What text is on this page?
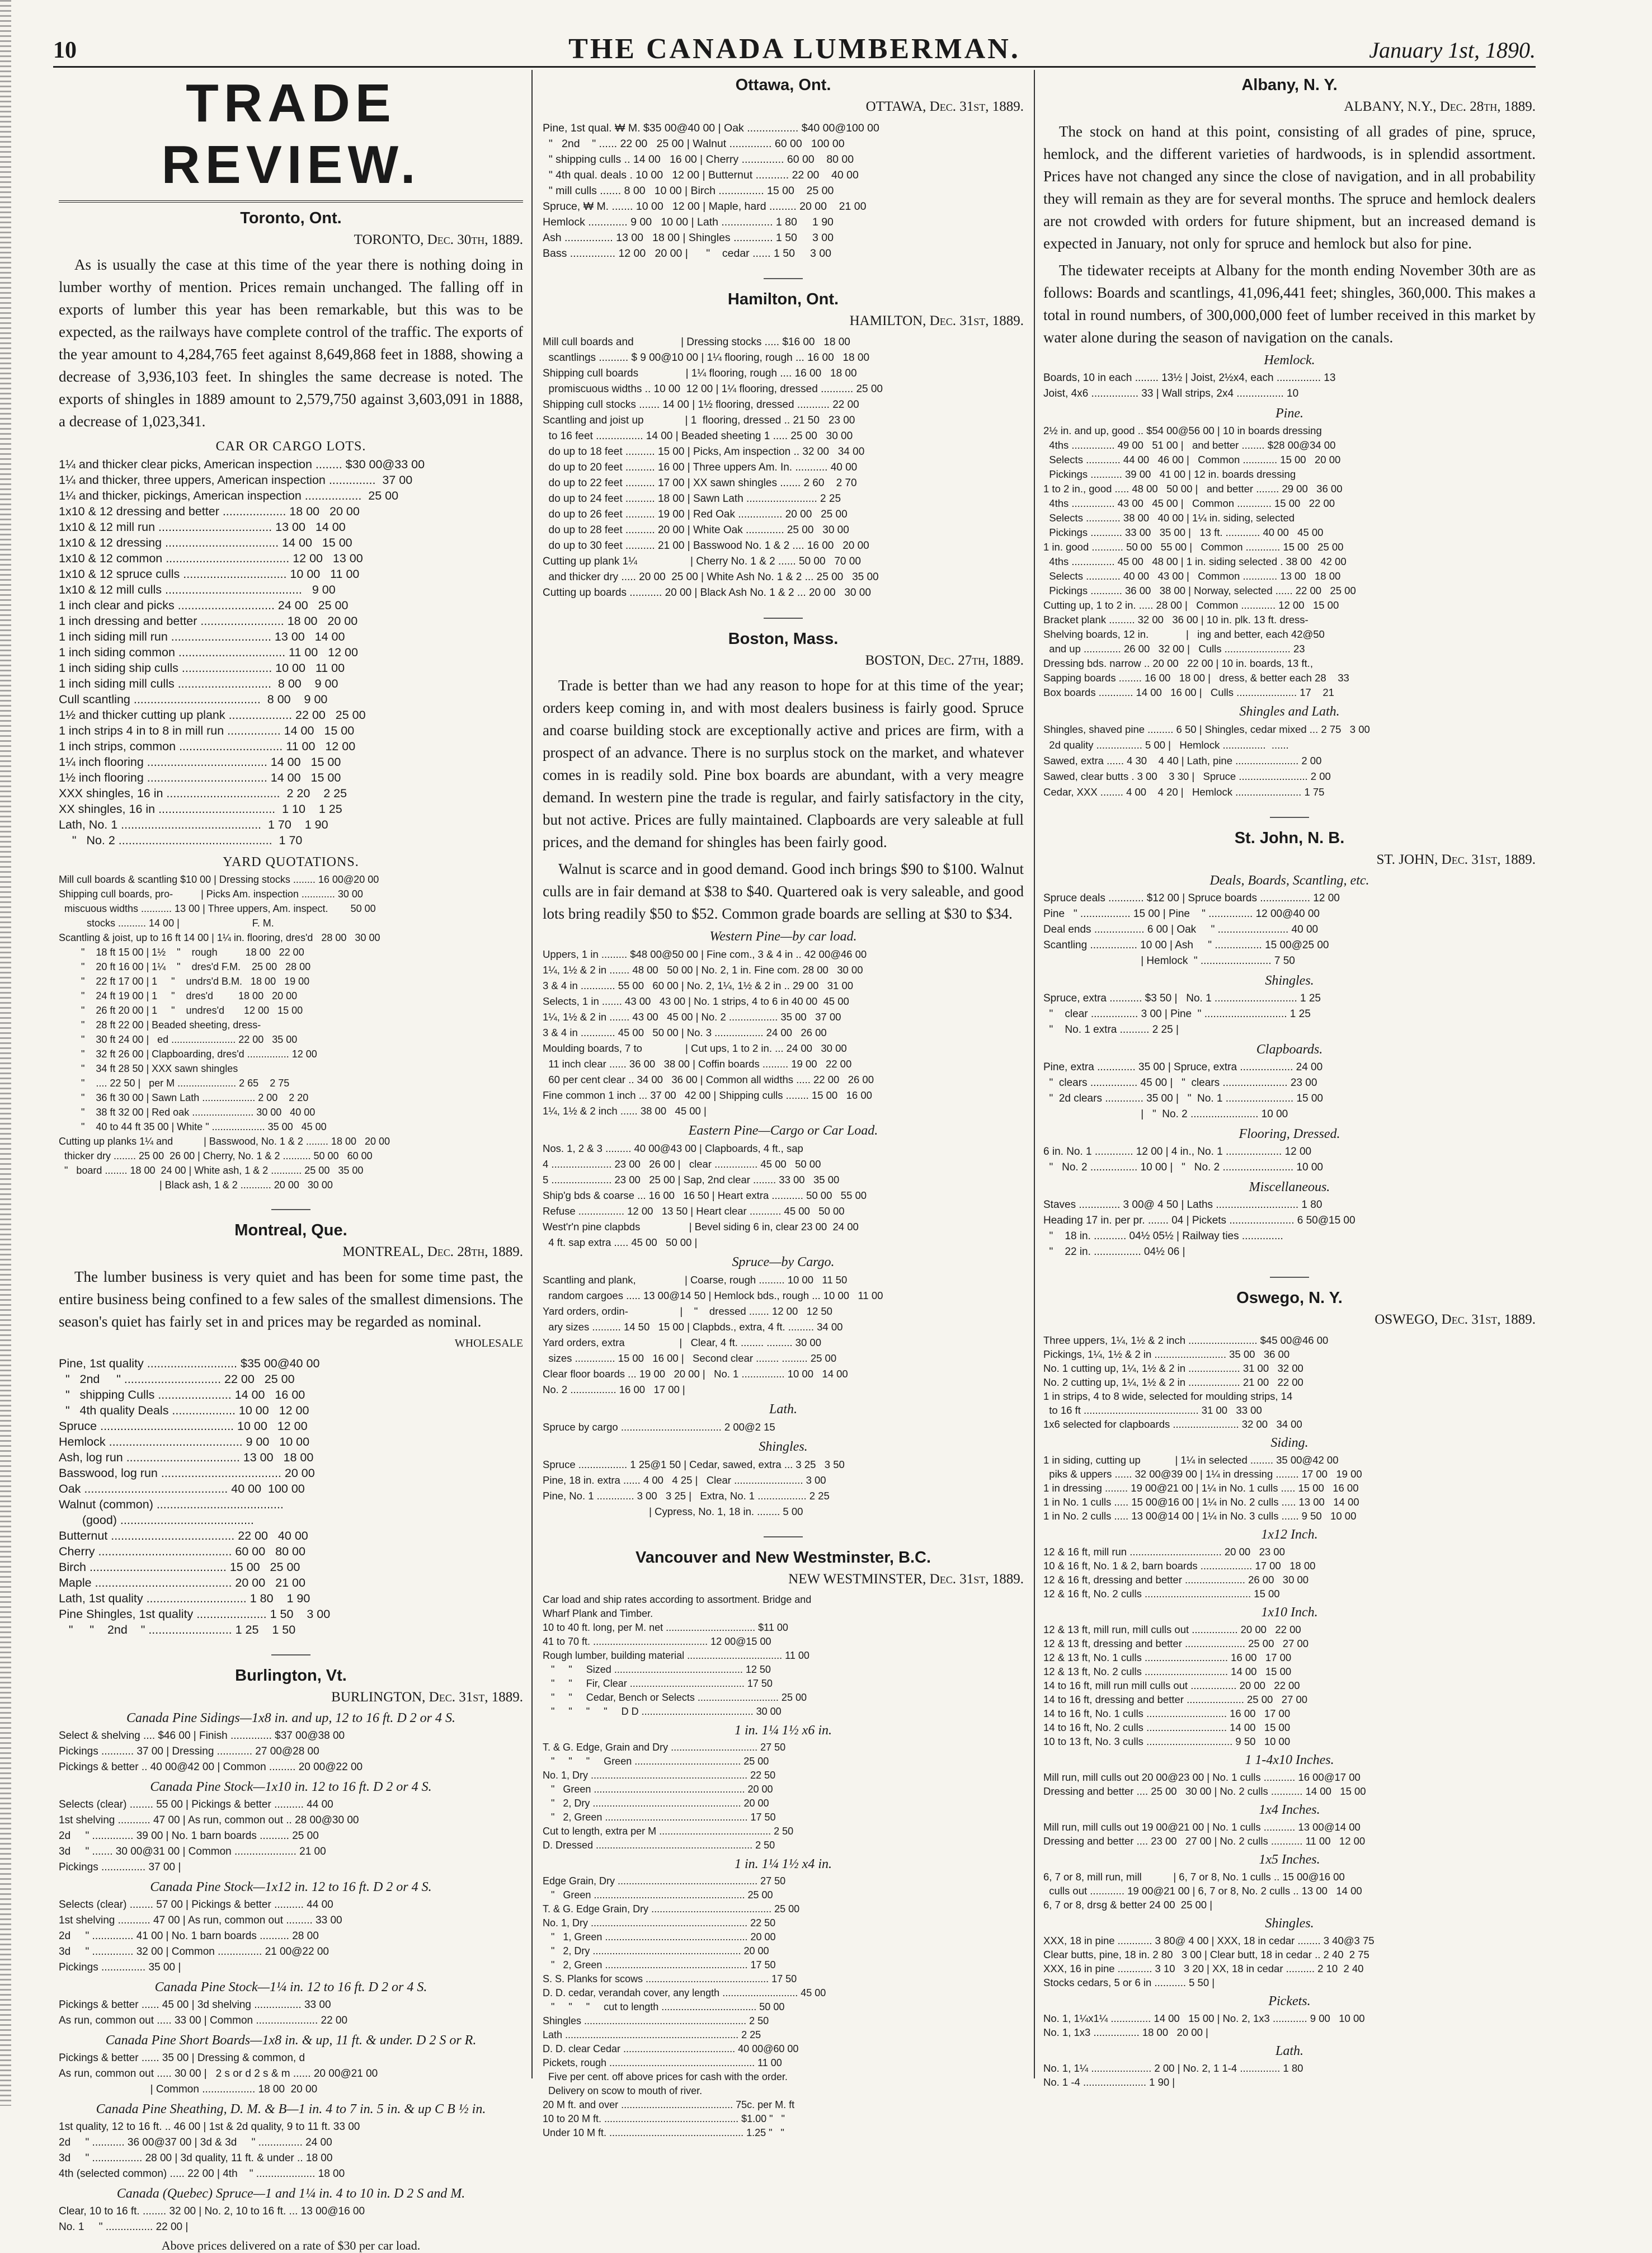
10	THE CANADA LUMBERMAN.	January 1st, 1890.
TRADE REVIEW.
Toronto, Ont.
TORONTO, Dec. 30th, 1889.

As is usually the case at this time of the year there is nothing doing in lumber worthy of mention. Prices remain unchanged. The falling off in exports of lumber this year has been remarkable, but this was to be expected, as the railways have complete control of the traffic. The exports of the year amount to 4,284,765 feet against 8,649,868 feet in 1888, showing a decrease of 3,936,103 feet. In shingles the same decrease is noted. The exports of shingles in 1889 amount to 2,579,750 against 3,603,091 in 1888, a decrease of 1,023,341.

CAR OR CARGO LOTS.
1¼ and thicker clear picks, American inspection ........ $30 00@33 00
1¼ and thicker, three uppers, American inspection ..............  37 00
1¼ and thicker, pickings, American inspection .................  25 00
1x10 & 12 dressing and better ................... 18 00   20 00
1x10 & 12 mill run .................................. 13 00   14 00
1x10 & 12 dressing .................................. 14 00   15 00
1x10 & 12 common ..................................... 12 00   13 00
1x10 & 12 spruce culls ............................... 10 00   11 00
1x10 & 12 mill culls .........................................   9 00
1 inch clear and picks ............................. 24 00   25 00
1 inch dressing and better ......................... 18 00   20 00
1 inch siding mill run .............................. 13 00   14 00
1 inch siding common ................................ 11 00   12 00
1 inch siding ship culls ........................... 10 00   11 00
1 inch siding mill culls ............................  8 00    9 00
Cull scantling ......................................  8 00    9 00
1½ and thicker cutting up plank ................... 22 00   25 00
1 inch strips 4 in to 8 in mill run ................ 14 00   15 00
1 inch strips, common ............................... 11 00   12 00
1¼ inch flooring .................................... 14 00   15 00
1½ inch flooring .................................... 14 00   15 00
XXX shingles, 16 in ..................................  2 20    2 25
XX shingles, 16 in ...................................  1 10    1 25
Lath, No. 1 ..........................................  1 70    1 90
"   No. 2 ..............................................  1 70
YARD QUOTATIONS.
Mill cull boards & scantling $10 00 | Dressing stocks ........ 16 00@20 00
Shipping cull boards, pro-          | Picks Am. inspection ............ 30 00
miscuous widths ........... 13 00 | Three uppers, Am. inspect.        50 00
stocks .......... 14 00 |                          F. M.
Scantling & joist, up to 16 ft 14 00 | 1¼ in. flooring, dres'd   28 00   30 00
"    18 ft 15 00 | 1½    "    rough          18 00   22 00
"    20 ft 16 00 | 1¼    "    dres'd F.M.    25 00   28 00
"    22 ft 17 00 | 1     "    undrs'd B.M.   18 00   19 00
"    24 ft 19 00 | 1     "    dres'd         18 00   20 00
"    26 ft 20 00 | 1     "    undres'd       12 00   15 00
"    28 ft 22 00 | Beaded sheeting, dress-
"    30 ft 24 00 |   ed ....................... 22 00   35 00
"    32 ft 26 00 | Clapboarding, dres'd ............... 12 00
"    34 ft 28 50 | XXX sawn shingles
"    .... 22 50 |   per M ..................... 2 65    2 75
"    36 ft 30 00 | Sawn Lath ................... 2 00    2 20
"    38 ft 32 00 | Red oak ...................... 30 00   40 00
"    40 to 44 ft 35 00 | White " ................... 35 00   45 00
Cutting up planks 1¼ and           | Basswood, No. 1 & 2 ........ 18 00   20 00
thicker dry ........ 25 00  26 00 | Cherry, No. 1 & 2 .......... 50 00   60 00
"   board ........ 18 00  24 00 | White ash, 1 & 2 ........... 25 00   35 00
| Black ash, 1 & 2 ........... 20 00   30 00
Montreal, Que.
MONTREAL, Dec. 28th, 1889.

The lumber business is very quiet and has been for some time past, the entire business being confined to a few sales of the smallest dimensions. The season's quiet has fairly set in and prices may be regarded as nominal.

WHOLESALE
Pine, 1st quality ........................... $35 00@40 00
"   2nd     " ............................. 22 00   25 00
"   shipping Culls ...................... 14 00   16 00
"   4th quality Deals ................... 10 00   12 00
Spruce ........................................ 10 00   12 00
Hemlock ........................................ 9 00   10 00
Ash, log run .................................. 13 00   18 00
Basswood, log run .................................... 20 00
Oak ........................................... 40 00  100 00
Walnut (common) ......................................
(good) ........................................
Butternut ..................................... 22 00   40 00
Cherry ........................................ 60 00   80 00
Birch ......................................... 15 00   25 00
Maple ......................................... 20 00   21 00
Lath, 1st quality .............................. 1 80    1 90
Pine Shingles, 1st quality ..................... 1 50    3 00
"     "    2nd    " ......................... 1 25    1 50
Burlington, Vt.
BURLINGTON, Dec. 31st, 1889.
Canada Pine Sidings—1x8 in. and up, 12 to 16 ft. D 2 or 4 S.
Select & shelving .... $46 00 | Finish .............. $37 00@38 00
Pickings ........... 37 00 | Dressing ............ 27 00@28 00
Pickings & better .. 40 00@42 00 | Common ......... 20 00@22 00
Canada Pine Stock—1x10 in. 12 to 16 ft. D 2 or 4 S.
Selects (clear) ........ 55 00 | Pickings & better .......... 44 00
1st shelving ........... 47 00 | As run, common out .. 28 00@30 00
2d     " .............. 39 00 | No. 1 barn boards .......... 25 00
3d     " ....... 30 00@31 00 | Common ..................... 21 00
Pickings ............... 37 00 |
Canada Pine Stock—1x12 in. 12 to 16 ft. D 2 or 4 S.
Selects (clear) ........ 57 00 | Pickings & better .......... 44 00
1st shelving ........... 47 00 | As run, common out ......... 33 00
2d     " .............. 41 00 | No. 1 barn boards .......... 28 00
3d     " .............. 32 00 | Common ............... 21 00@22 00
Pickings ............... 35 00 |
Canada Pine Stock—1¼ in. 12 to 16 ft. D 2 or 4 S.
Pickings & better ...... 45 00 | 3d shelving ................ 33 00
As run, common out ..... 33 00 | Common ..................... 22 00
Canada Pine Short Boards—1x8 in. & up, 11 ft. & under. D 2 S or R.
Pickings & better ...... 35 00 | Dressing & common, d
As run, common out ..... 30 00 |   2 s or d 2 s & m ...... 20 00@21 00
| Common .................. 18 00  20 00
Canada Pine Sheathing, D. M. & B—1 in. 4 to 7 in. 5 in. & up C B ½ in.
1st quality, 12 to 16 ft. .. 46 00 | 1st & 2d quality, 9 to 11 ft. 33 00
2d     " ........... 36 00@37 00 | 3d & 3d     " ............... 24 00
3d     " ................. 28 00 | 3d quality, 11 ft. & under .. 18 00
4th (selected common) ..... 22 00 | 4th    " .................... 18 00
Canada (Quebec) Spruce—1 and 1¼ in. 4 to 10 in. D 2 S and M.
Clear, 10 to 16 ft. ........ 32 00 | No. 2, 10 to 16 ft. ... 13 00@16 00
No. 1     " ................ 22 00 |
Above prices delivered on a rate of $30 per car load.
Ottawa, Ont.
OTTAWA, Dec. 31st, 1889.
Pine, 1st qual. ₩ M. $35 00@40 00 | Oak ................. $40 00@100 00
"   2nd    " ...... 22 00   25 00 | Walnut .............. 60 00   100 00
" shipping culls .. 14 00   16 00 | Cherry .............. 60 00    80 00
" 4th qual. deals . 10 00   12 00 | Butternut ........... 22 00    40 00
" mill culls ....... 8 00   10 00 | Birch ............... 15 00    25 00
Spruce, ₩ M. ....... 10 00   12 00 | Maple, hard ......... 20 00    21 00
Hemlock ............. 9 00   10 00 | Lath ................. 1 80     1 90
Ash ................ 13 00   18 00 | Shingles ............. 1 50     3 00
Bass ............... 12 00   20 00 |      "    cedar ...... 1 50     3 00
Hamilton, Ont.
HAMILTON, Dec. 31st, 1889.
Mill cull boards and                | Dressing stocks ..... $16 00   18 00
scantlings .......... $ 9 00@10 00 | 1¼ flooring, rough ... 16 00   18 00
Shipping cull boards                | 1¼ flooring, rough .... 16 00   18 00
promiscuous widths .. 10 00  12 00 | 1¼ flooring, dressed ........... 25 00
Shipping cull stocks ....... 14 00 | 1½ flooring, dressed ........... 22 00
Scantling and joist up              | 1  flooring, dressed .. 21 50   23 00
to 16 feet ................ 14 00 | Beaded sheeting 1 ..... 25 00   30 00
do up to 18 feet .......... 15 00 | Picks, Am inspection .. 32 00   34 00
do up to 20 feet .......... 16 00 | Three uppers Am. In. ........... 40 00
do up to 22 feet .......... 17 00 | XX sawn shingles ....... 2 60    2 70
do up to 24 feet .......... 18 00 | Sawn Lath ........................ 2 25
do up to 26 feet .......... 19 00 | Red Oak ............... 20 00   25 00
do up to 28 feet .......... 20 00 | White Oak ............. 25 00   30 00
do up to 30 feet .......... 21 00 | Basswood No. 1 & 2 .... 16 00   20 00
Cutting up plank 1¼                  | Cherry No. 1 & 2 ...... 50 00   70 00
and thicker dry ..... 20 00  25 00 | White Ash No. 1 & 2 ... 25 00   35 00
Cutting up boards ........... 20 00 | Black Ash No. 1 & 2 ... 20 00   30 00
Boston, Mass.
BOSTON, Dec. 27th, 1889.

Trade is better than we had any reason to hope for at this time of the year; orders keep coming in, and with most dealers business is fairly good. Spruce and coarse building stock are exceptionally active and prices are firm, with a prospect of an advance. There is no surplus stock on the market, and whatever comes in is readily sold. Pine box boards are abundant, with a very meagre demand. In western pine the trade is regular, and fairly satisfactory in the city, but not active. Prices are fully maintained. Clapboards are very saleable at full prices, and the demand for shingles has been fairly good.

Walnut is scarce and in good demand. Good inch brings $90 to $100. Walnut culls are in fair demand at $38 to $40. Quartered oak is very saleable, and good lots bring readily $50 to $52. Common grade boards are selling at $30 to $34.

Western Pine—by car load.
Uppers, 1 in ......... $48 00@50 00 | Fine com., 3 & 4 in .. 42 00@46 00
1¼, 1½ & 2 in ....... 48 00   50 00 | No. 2, 1 in. Fine com. 28 00   30 00
3 & 4 in ............ 55 00   60 00 | No. 2, 1¼, 1½ & 2 in .. 29 00   31 00
Selects, 1 in ....... 43 00   43 00 | No. 1 strips, 4 to 6 in 40 00  45 00
1¼, 1½ & 2 in ....... 43 00   45 00 | No. 2 ................. 35 00   37 00
3 & 4 in ............ 45 00   50 00 | No. 3 ................. 24 00   26 00
Moulding boards, 7 to               | Cut ups, 1 to 2 in. ... 24 00   30 00
11 inch clear ...... 36 00   38 00 | Coffin boards ......... 19 00   22 00
60 per cent clear .. 34 00   36 00 | Common all widths ..... 22 00   26 00
Fine common 1 inch ... 37 00   42 00 | Shipping culls ........ 15 00   16 00
1¼, 1½ & 2 inch ...... 38 00   45 00 |
Eastern Pine—Cargo or Car Load.
Nos. 1, 2 & 3 ......... 40 00@43 00 | Clapboards, 4 ft., sap
4 ..................... 23 00   26 00 |   clear ............... 45 00   50 00
5 ..................... 23 00   25 00 | Sap, 2nd clear ........ 33 00   35 00
Ship'g bds & coarse ... 16 00   16 50 | Heart extra ........... 50 00   55 00
Refuse ................ 12 00   13 50 | Heart clear ........... 45 00   50 00
West'r'n pine clapbds                 | Bevel siding 6 in, clear 23 00  24 00
4 ft. sap extra ..... 45 00   50 00 |
Spruce—by Cargo.
Scantling and plank,                 | Coarse, rough ......... 10 00   11 50
random cargoes ..... 13 00@14 50 | Hemlock bds., rough ... 10 00   11 00
Yard orders, ordin-                  |    "    dressed ....... 12 00   12 50
ary sizes .......... 14 50   15 00 | Clapbds., extra, 4 ft. ......... 34 00
Yard orders, extra                   |   Clear, 4 ft. ........ ......... 30 00
sizes .............. 15 00   16 00 |   Second clear ........ ......... 25 00
Clear floor boards ... 19 00   20 00 |   No. 1 ............... 10 00   14 00
No. 2 ................ 16 00   17 00 |
Lath.
Spruce by cargo ................................... 2 00@2 15
Shingles.
Spruce ................. 1 25@1 50 | Cedar, sawed, extra ... 3 25   3 50
Pine, 18 in. extra ...... 4 00   4 25 |   Clear ........................ 3 00
Pine, No. 1 ............. 3 00   3 25 |   Extra, No. 1 ................. 2 25
| Cypress, No. 1, 18 in. ........ 5 00
Vancouver and New Westminster, B.C.
NEW WESTMINSTER, Dec. 31st, 1889.
Car load and ship rates according to assortment. Bridge and
Wharf Plank and Timber.
10 to 40 ft. long, per M. net ................................ $11 00
41 to 70 ft. ......................................... 12 00@15 00
Rough lumber, building material .................................. 11 00
"     "     Sized .............................................. 12 50
"     "     Fir, Clear ......................................... 17 50
"     "     Cedar, Bench or Selects ............................. 25 00
"     "     "     "     D D ........................................ 30 00
1 in. 1¼ 1½ x6 in.
T. & G. Edge, Grain and Dry ............................... 27 50
"     "     "     Green ...................................... 25 00
No. 1, Dry ........................................................ 22 50
"   Green ...................................................... 20 00
"   2, Dry ..................................................... 20 00
"   2, Green ................................................... 17 50
Cut to length, extra per M ........................................ 2 50
D. Dressed ........................................................ 2 50
1 in. 1¼ 1½ x4 in.
Edge Grain, Dry .................................................. 27 50
"   Green ...................................................... 25 00
T. & G. Edge Grain, Dry ........................................... 25 00
No. 1, Dry ........................................................ 22 50
"   1, Green ................................................... 20 00
"   2, Dry ..................................................... 20 00
"   2, Green ................................................... 17 50
S. S. Planks for scows ............................................ 17 50
D. D. cedar, verandah cover, any length ........................... 45 00
"     "     "     cut to length .................................. 50 00
Shingles .......................................................... 2 50
Lath .............................................................. 2 25
D. D. clear Cedar ........................................ 40 00@60 00
Pickets, rough .................................................... 11 00
Five per cent. off above prices for cash with the order.
Delivery on scow to mouth of river.
20 M ft. and over ........................................ 75c. per M. ft
10 to 20 M ft. ................................................ $1.00 "   "
Under 10 M ft. ................................................ 1.25 "   "
Albany, N. Y.
ALBANY, N.Y., Dec. 28th, 1889.

The stock on hand at this point, consisting of all grades of pine, spruce, hemlock, and the different varieties of hardwoods, is in splendid assortment. Prices have not changed any since the close of navigation, and in all probability they will remain as they are for several months. The spruce and hemlock dealers are not crowded with orders for future shipment, but an increased demand is expected in January, not only for spruce and hemlock but also for pine.

The tidewater receipts at Albany for the month ending November 30th are as follows: Boards and scantlings, 41,096,441 feet; shingles, 360,000. This makes a total in round numbers, of 300,000,000 feet of lumber received in this market by water alone during the season of navigation on the canals.

Hemlock.
Boards, 10 in each ........ 13½ | Joist, 2½x4, each ............... 13
Joist, 4x6 ................ 33 | Wall strips, 2x4 ................ 10
Pine.
2½ in. and up, good .. $54 00@56 00 | 10 in boards dressing
4ths ............... 49 00   51 00 |   and better ........ $28 00@34 00
Selects ............ 44 00   46 00 |   Common ............ 15 00   20 00
Pickings ........... 39 00   41 00 | 12 in. boards dressing
1 to 2 in., good ..... 48 00   50 00 |   and better ........ 29 00   36 00
4ths ............... 43 00   45 00 |   Common ............ 15 00   22 00
Selects ............ 38 00   40 00 | 1¼ in. siding, selected
Pickings ........... 33 00   35 00 |   13 ft. ............ 40 00   45 00
1 in. good ........... 50 00   55 00 |   Common ............ 15 00   25 00
4ths ............... 45 00   48 00 | 1 in. siding selected . 38 00   42 00
Selects ............ 40 00   43 00 |   Common ............ 13 00   18 00
Pickings ........... 36 00   38 00 | Norway, selected ...... 22 00   25 00
Cutting up, 1 to 2 in. ..... 28 00 |   Common ............ 12 00   15 00
Bracket plank ......... 32 00   36 00 | 10 in. plk. 13 ft. dress-
Shelving boards, 12 in.             |   ing and better, each 42@50
and up ............. 26 00   32 00 |   Culls ....................... 23
Dressing bds. narrow .. 20 00   22 00 | 10 in. boards, 13 ft.,
Sapping boards ........ 16 00   18 00 |   dress, & better each 28    33
Box boards ............ 14 00   16 00 |   Culls ..................... 17    21
Shingles and Lath.
Shingles, shaved pine ......... 6 50 | Shingles, cedar mixed ... 2 75   3 00
2d quality ................ 5 00 |   Hemlock ...............  ......
Sawed, extra ...... 4 30    4 40 | Lath, pine ...................... 2 00
Sawed, clear butts . 3 00    3 30 |   Spruce ........................ 2 00
Cedar, XXX ........ 4 00    4 20 |   Hemlock ....................... 1 75
St. John, N. B.
ST. JOHN, Dec. 31st, 1889.
Deals, Boards, Scantling, etc.
Spruce deals ............ $12 00 | Spruce boards ................. 12 00
Pine   " ................. 15 00 | Pine    " ............... 12 00@40 00
Deal ends ................. 6 00 | Oak     " ........................ 40 00
Scantling ................ 10 00 | Ash     " ................ 15 00@25 00
| Hemlock  " ........................ 7 50
Shingles.
Spruce, extra ........... $3 50 |   No. 1 ............................ 1 25
"    clear ................ 3 00 | Pine  " ............................ 1 25
"    No. 1 extra .......... 2 25 |
Clapboards.
Pine, extra ............. 35 00 | Spruce, extra .................. 24 00
"  clears ................ 45 00 |   "  clears ...................... 23 00
"  2d clears ............. 35 00 |   "  No. 1 ....................... 15 00
|   "  No. 2 ....................... 10 00
Flooring, Dressed.
6 in. No. 1 ............. 12 00 | 4 in., No. 1 ................... 12 00
"   No. 2 ................ 10 00 |   "   No. 2 ........................ 10 00
Miscellaneous.
Staves .............. 3 00@ 4 50 | Laths ............................ 1 80
Heading 17 in. per pr. ....... 04 | Pickets ...................... 6 50@15 00
"    18 in. ........... 04½ 05½ | Railway ties ..............
"    22 in. ................ 04½ 06 |
Oswego, N. Y.
OSWEGO, Dec. 31st, 1889.
Three uppers, 1¼, 1½ & 2 inch ........................ $45 00@46 00
Pickings, 1¼, 1½ & 2 in ......................... 35 00   36 00
No. 1 cutting up, 1¼, 1½ & 2 in .................. 31 00   32 00
No. 2 cutting up, 1¼, 1½ & 2 in .................. 21 00   22 00
1 in strips, 4 to 8 wide, selected for moulding strips, 14
to 16 ft ........................................ 31 00   33 00
1x6 selected for clapboards ....................... 32 00   34 00
Siding.
1 in siding, cutting up            | 1¼ in selected ........ 35 00@42 00
piks & uppers ...... 32 00@39 00 | 1¼ in dressing ........ 17 00   19 00
1 in dressing ........ 19 00@21 00 | 1¼ in No. 1 culls ..... 15 00   16 00
1 in No. 1 culls ..... 15 00@16 00 | 1¼ in No. 2 culls ..... 13 00   14 00
1 in No. 2 culls ..... 13 00@14 00 | 1¼ in No. 3 culls ...... 9 50   10 00
1x12 Inch.
12 & 16 ft, mill run ................................ 20 00   23 00
10 & 16 ft, No. 1 & 2, barn boards .................. 17 00   18 00
12 & 16 ft, dressing and better ..................... 26 00   30 00
12 & 16 ft, No. 2 culls ..................................... 15 00
1x10 Inch.
12 & 13 ft, mill run, mill culls out ................ 20 00   22 00
12 & 13 ft, dressing and better ..................... 25 00   27 00
12 & 13 ft, No. 1 culls ............................. 16 00   17 00
12 & 13 ft, No. 2 culls ............................. 14 00   15 00
14 to 16 ft, mill run mill culls out ................ 20 00   22 00
14 to 16 ft, dressing and better .................... 25 00   27 00
14 to 16 ft, No. 1 culls ............................ 16 00   17 00
14 to 16 ft, No. 2 culls ............................ 14 00   15 00
10 to 13 ft, No. 3 culls .............................. 9 50   10 00
1 1-4x10 Inches.
Mill run, mill culls out 20 00@23 00 | No. 1 culls ........... 16 00@17 00
Dressing and better .... 25 00   30 00 | No. 2 culls ........... 14 00   15 00
1x4 Inches.
Mill run, mill culls out 19 00@21 00 | No. 1 culls ........... 13 00@14 00
Dressing and better .... 23 00   27 00 | No. 2 culls ........... 11 00   12 00
1x5 Inches.
6, 7 or 8, mill run, mill           | 6, 7 or 8, No. 1 culls .. 15 00@16 00
culls out ............ 19 00@21 00 | 6, 7 or 8, No. 2 culls .. 13 00   14 00
6, 7 or 8, drsg & better 24 00  25 00 |
Shingles.
XXX, 18 in pine ............ 3 80@ 4 00 | XXX, 18 in cedar ........ 3 40@3 75
Clear butts, pine, 18 in. 2 80   3 00 | Clear butt, 18 in cedar .. 2 40  2 75
XXX, 16 in pine ............ 3 10   3 20 | XX, 18 in cedar .......... 2 10  2 40
Stocks cedars, 5 or 6 in ........... 5 50 |
Pickets.
No. 1, 1¼x1¼ .............. 14 00   15 00 | No. 2, 1x3 ............ 9 00   10 00
No. 1, 1x3 ................ 18 00   20 00 |
Lath.
No. 1, 1¼ ..................... 2 00 | No. 2, 1 1-4 .............. 1 80
No. 1 -4 ...................... 1 90 |
